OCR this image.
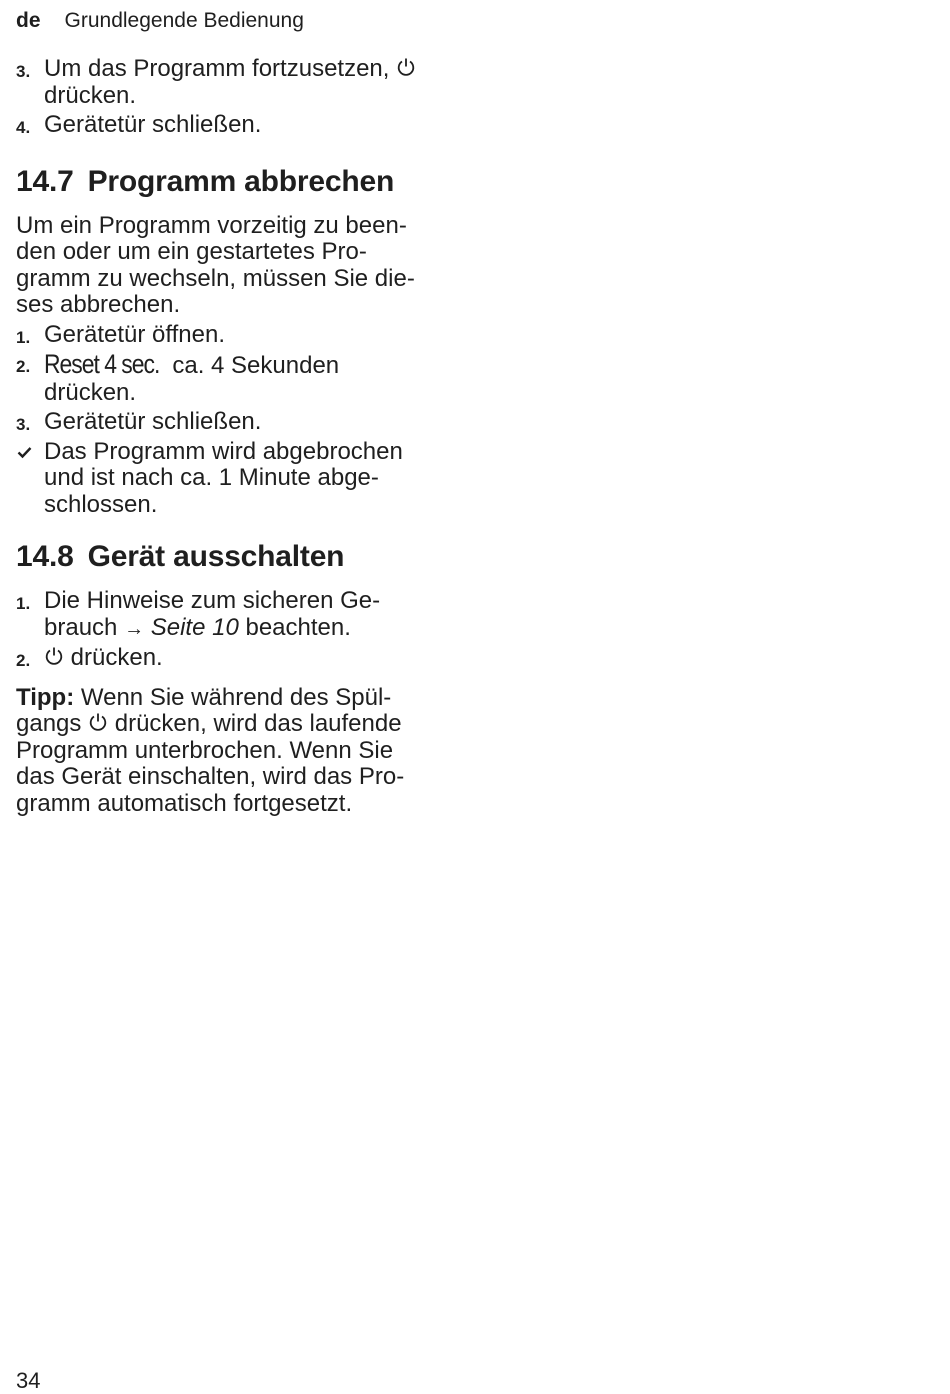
de Grundlegende Bedienung
3. Um das Programm fortzusetzen,
drücken.
4. Gerätetür schließen.
14.7 Programm abbrechen

Um ein Programm vorzeitig zu been-
den oder um ein gestartetes Pro-
gramm zu wechseln, müssen Sie die-
ses abbrechen.

1. Gerätetür öffnen.
2. Reset 4 sec. ca. 4 Sekunden
drücken.
3. Gerätetür schließen.
Das Programm wird abgebrochen
und ist nach ca. 1 Minute abge-
schlossen.
14.8 Gerät ausschalten
1. Die Hinweise zum sicheren Ge-
brauch → Seite 10 beachten.
2.	drücken.

Tipp: Wenn Sie während des Spül-
gangs drücken, wird das laufende
Programm unterbrochen. Wenn Sie
das Gerät einschalten, wird das Pro-
gramm automatisch fortgesetzt.

34
